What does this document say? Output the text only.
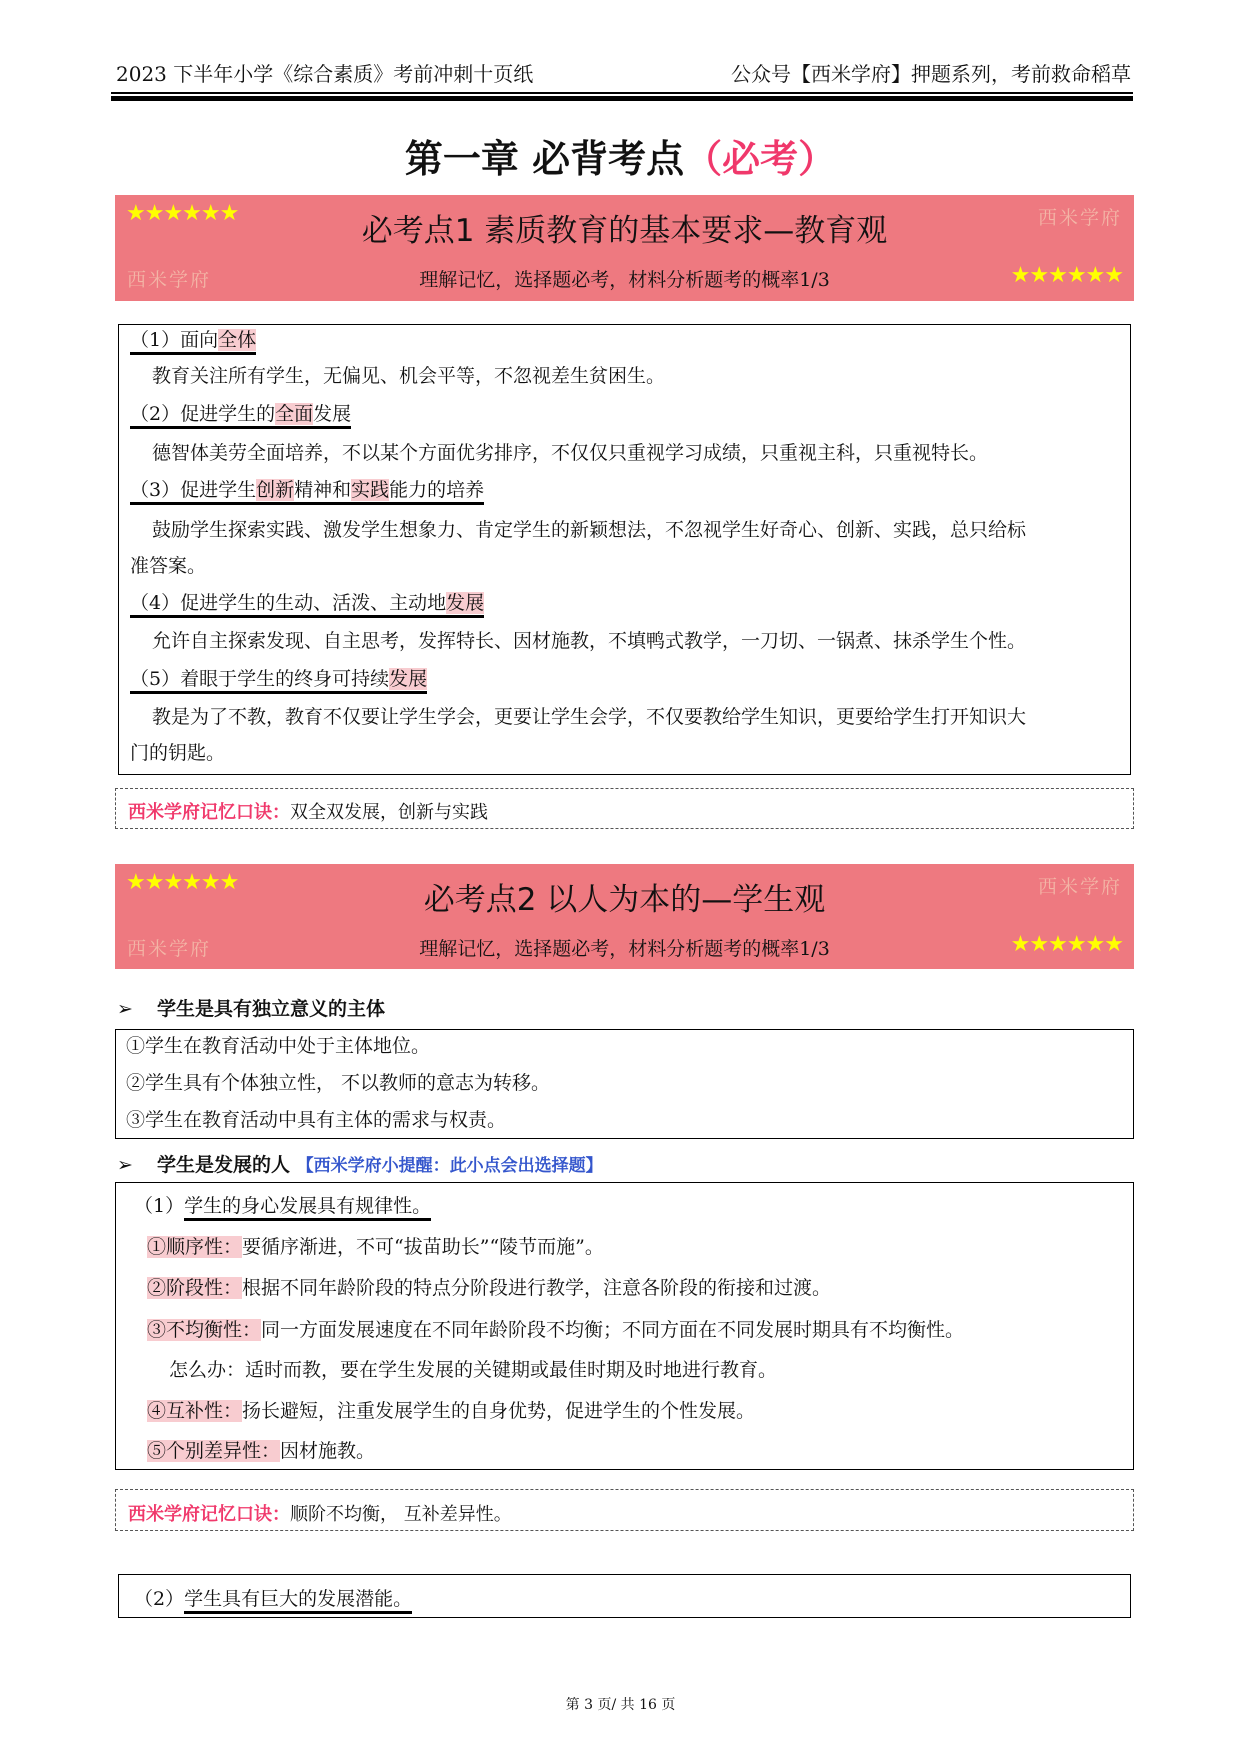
2023 下半年小学《综合素质》考前冲刺十页纸	公众号【西米学府】押题系列，考前救命稻草
第一章 必背考点（必考）
★★★★★★	必考点1 素质教育的基本要求—教育观	西米学府
西米学府	理解记忆，选择题必考，材料分析题考的概率1/3	★★★★★★
（1）面向全体
教育关注所有学生，无偏见、机会平等，不忽视差生贫困生。
（2）促进学生的全面发展
德智体美劳全面培养，不以某个方面优劣排序，不仅仅只重视学习成绩，只重视主科，只重视特长。
（3）促进学生创新精神和实践能力的培养
鼓励学生探索实践、激发学生想象力、肯定学生的新颖想法，不忽视学生好奇心、创新、实践，总只给标
准答案。
（4）促进学生的生动、活泼、主动地发展
允许自主探索发现、自主思考，发挥特长、因材施教，不填鸭式教学，一刀切、一锅煮、抹杀学生个性。
（5）着眼于学生的终身可持续发展
教是为了不教，教育不仅要让学生学会，更要让学生会学，不仅要教给学生知识，更要给学生打开知识大
门的钥匙。
西米学府记忆口诀：双全双发展，创新与实践
★★★★★★	必考点2 以人为本的—学生观	西米学府
西米学府	理解记忆，选择题必考，材料分析题考的概率1/3	★★★★★★
➢ 学生是具有独立意义的主体
①学生在教育活动中处于主体地位。
②学生具有个体独立性， 不以教师的意志为转移。
③学生在教育活动中具有主体的需求与权责。
➢ 学生是发展的人 【西米学府小提醒：此小点会出选择题】
（1）学生的身心发展具有规律性。
①顺序性：要循序渐进，不可“拔苗助长”“陵节而施”。
②阶段性：根据不同年龄阶段的特点分阶段进行教学，注意各阶段的衔接和过渡。
③不均衡性：同一方面发展速度在不同年龄阶段不均衡；不同方面在不同发展时期具有不均衡性。
怎么办：适时而教，要在学生发展的关键期或最佳时期及时地进行教育。
④互补性：扬长避短，注重发展学生的自身优势，促进学生的个性发展。
⑤个别差异性：因材施教。
西米学府记忆口诀：顺阶不均衡， 互补差异性。
（2）学生具有巨大的发展潜能。
第 3 页/ 共 16 页
